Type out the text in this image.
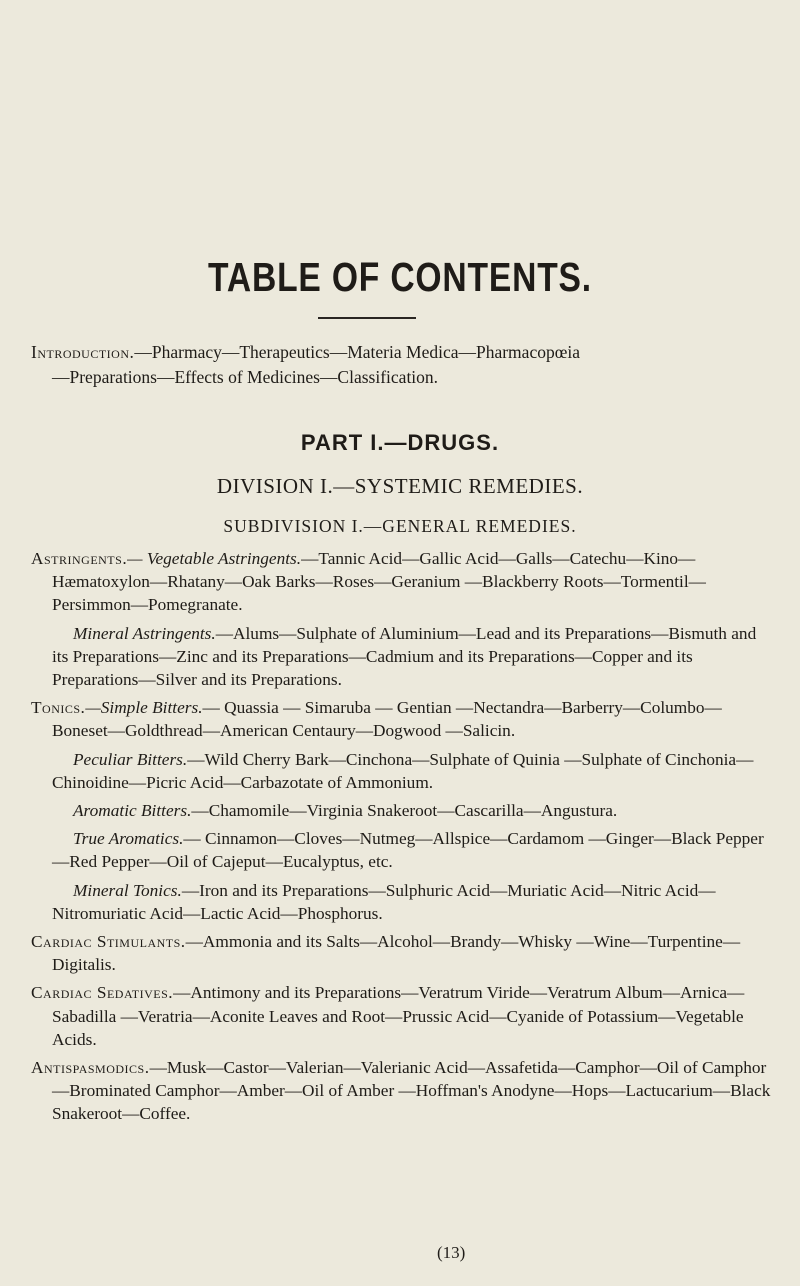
TABLE OF CONTENTS.
Introduction.—Pharmacy—Therapeutics—Materia Medica—Pharmacopœia
—Preparations—Effects of Medicines—Classification.
PART I.—DRUGS.
DIVISION I.—SYSTEMIC REMEDIES.
SUBDIVISION I.—GENERAL REMEDIES.

Astringents.— Vegetable Astringents.—Tannic Acid—Gallic Acid—Galls—Catechu—Kino—Hæmatoxylon—Rhatany—Oak Barks—Roses—Geranium —Blackberry Roots—Tormentil—Persimmon—Pomegranate.

Mineral Astringents.—Alums—Sulphate of Aluminium—Lead and its Preparations—Bismuth and its Preparations—Zinc and its Preparations—Cadmium and its Preparations—Copper and its Preparations—Silver and its Preparations.

Tonics.—Simple Bitters.— Quassia — Simaruba — Gentian —Nectandra—Barberry—Columbo—Boneset—Goldthread—American Centaury—Dogwood —Salicin.

Peculiar Bitters.—Wild Cherry Bark—Cinchona—Sulphate of Quinia —Sulphate of Cinchonia—Chinoidine—Picric Acid—Carbazotate of Ammonium.

Aromatic Bitters.—Chamomile—Virginia Snakeroot—Cascarilla—Angustura.

True Aromatics.— Cinnamon—Cloves—Nutmeg—Allspice—Cardamom —Ginger—Black Pepper—Red Pepper—Oil of Cajeput—Eucalyptus, etc.

Mineral Tonics.—Iron and its Preparations—Sulphuric Acid—Muriatic Acid—Nitric Acid—Nitromuriatic Acid—Lactic Acid—Phosphorus.

Cardiac Stimulants.—Ammonia and its Salts—Alcohol—Brandy—Whisky —Wine—Turpentine—Digitalis.

Cardiac Sedatives.—Antimony and its Preparations—Veratrum Viride—Veratrum Album—Arnica—Sabadilla —Veratria—Aconite Leaves and Root—Prussic Acid—Cyanide of Potassium—Vegetable Acids.

Antispasmodics.—Musk—Castor—Valerian—Valerianic Acid—Assafetida—Camphor—Oil of Camphor—Brominated Camphor—Amber—Oil of Amber —Hoffman's Anodyne—Hops—Lactucarium—Black Snakeroot—Coffee.

(13)
